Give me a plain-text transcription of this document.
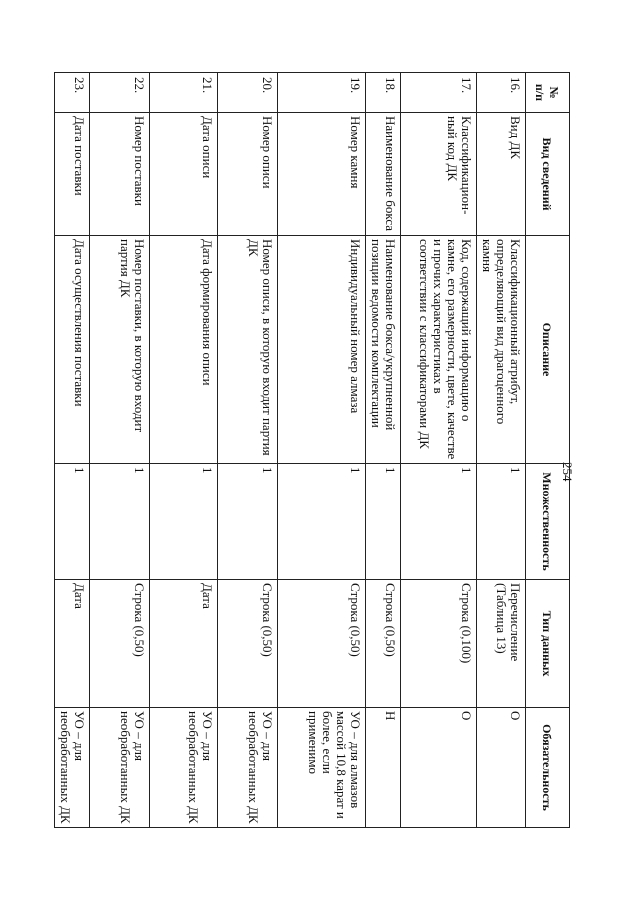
254
№
п/п	Вид сведений	Описание	Множественность	Тип данных	Обязательность
16.	Вид ДК	Классификационный атрибут, определяющий вид драгоценного камня	1	Перечисление (Таблица 13)	О
17.	Классификацион-ный код ДК	Код, содержащий информацию о камне, его размерности, цвете, качестве и прочих характеристиках в соответствии с классификаторами ДК	1	Строка (0,100)	О
18.	Наименование бокса	Наименование бокса/укрупненной позиции ведомости комплектации	1	Строка (0,50)	Н
19.	Номер камня	Индивидуальный номер алмаза	1	Строка (0,50)	УО – для алмазов массой 10,8 карат и более, если применимо
20.	Номер описи	Номер описи, в которую входит партия ДК	1	Строка (0,50)	УО – для необработанных ДК
21.	Дата описи	Дата формирования описи	1	Дата	УО – для необработанных ДК
22.	Номер поставки	Номер поставки, в которую входит партия ДК	1	Строка (0,50)	УО – для необработанных ДК
23.	Дата поставки	Дата осуществления поставки	1	Дата	УО – для необработанных ДК
